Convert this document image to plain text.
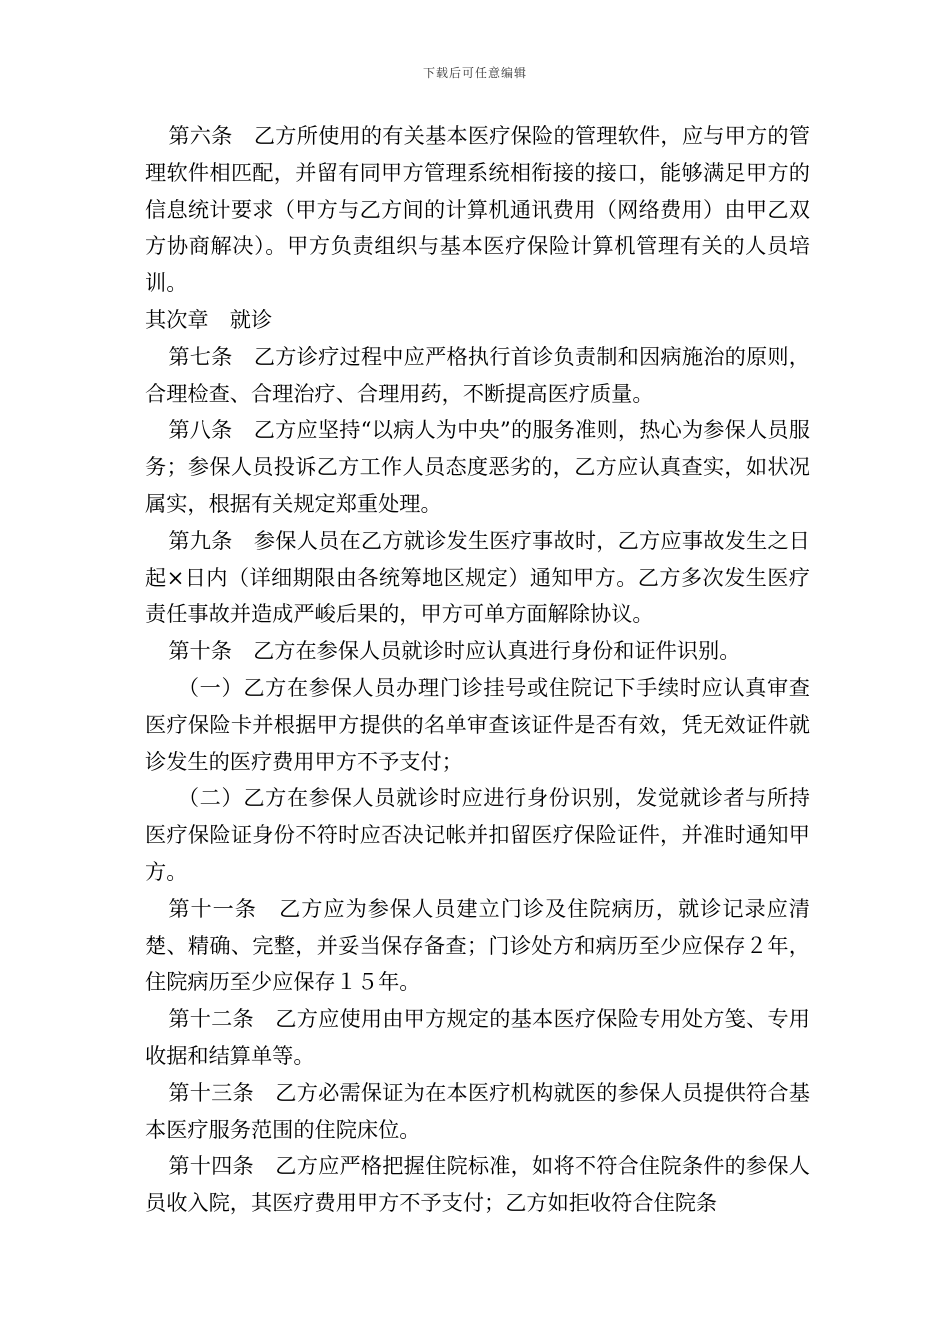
下载后可任意编辑

第六条　乙方所使用的有关基本医疗保险的管理软件，应与甲方的管理软件相匹配，并留有同甲方管理系统相衔接的接口，能够满足甲方的信息统计要求（甲方与乙方间的计算机通讯费用（网络费用）由甲乙双方协商解决）。甲方负责组织与基本医疗保险计算机管理有关的人员培训。

其次章　就诊

第七条　乙方诊疗过程中应严格执行首诊负责制和因病施治的原则，合理检查、合理治疗、合理用药，不断提高医疗质量。

第八条　乙方应坚持“以病人为中央”的服务准则，热心为参保人员服务；参保人员投诉乙方工作人员态度恶劣的，乙方应认真查实，如状况属实，根据有关规定郑重处理。

第九条　参保人员在乙方就诊发生医疗事故时，乙方应事故发生之日起×日内（详细期限由各统筹地区规定）通知甲方。乙方多次发生医疗责任事故并造成严峻后果的，甲方可单方面解除协议。

第十条　乙方在参保人员就诊时应认真进行身份和证件识别。

（一）乙方在参保人员办理门诊挂号或住院记下手续时应认真审查医疗保险卡并根据甲方提供的名单审查该证件是否有效，凭无效证件就诊发生的医疗费用甲方不予支付；

（二）乙方在参保人员就诊时应进行身份识别，发觉就诊者与所持医疗保险证身份不符时应否决记帐并扣留医疗保险证件，并准时通知甲方。

第十一条　乙方应为参保人员建立门诊及住院病历，就诊记录应清楚、精确、完整，并妥当保存备查；门诊处方和病历至少应保存２年，住院病历至少应保存１５年。

第十二条　乙方应使用由甲方规定的基本医疗保险专用处方笺、专用收据和结算单等。

第十三条　乙方必需保证为在本医疗机构就医的参保人员提供符合基本医疗服务范围的住院床位。

第十四条　乙方应严格把握住院标准，如将不符合住院条件的参保人员收入院，其医疗费用甲方不予支付；乙方如拒收符合住院条
